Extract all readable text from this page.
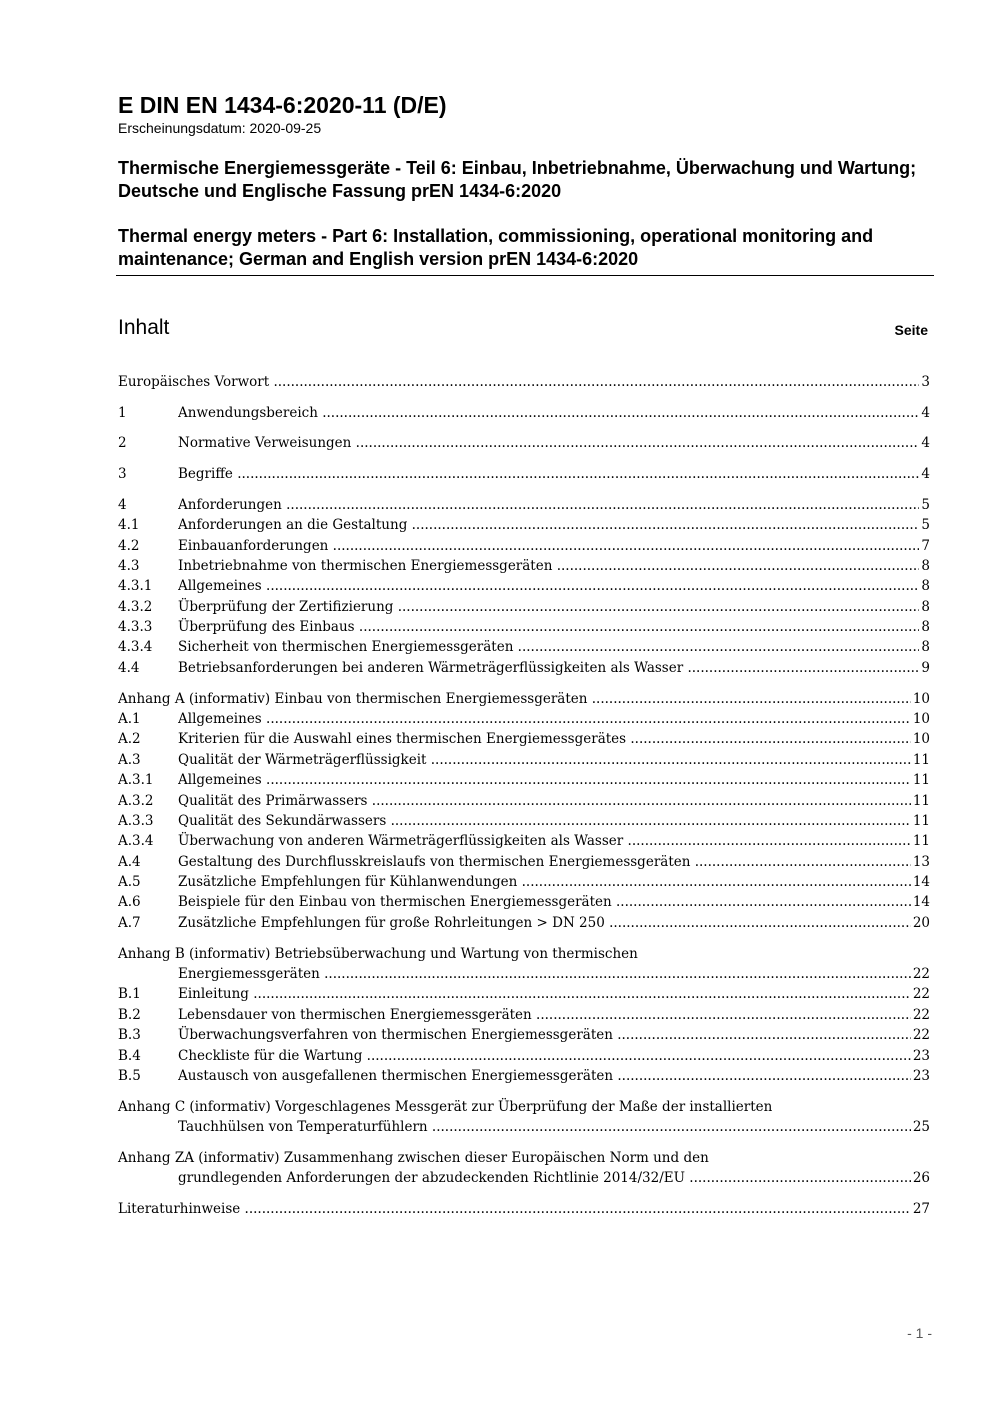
E DIN EN 1434-6:2020-11 (D/E)
Erscheinungsdatum: 2020-09-25
Thermische Energiemessgeräte - Teil 6: Einbau, Inbetriebnahme, Überwachung und Wartung; Deutsche und Englische Fassung prEN 1434-6:2020
Thermal energy meters - Part 6: Installation, commissioning, operational monitoring and maintenance; German and English version prEN 1434-6:2020
Inhalt	Seite
Europäisches Vorwort .....	3
1	Anwendungsbereich .....	4
2	Normative Verweisungen .....	4
3	Begriffe .....	4
4	Anforderungen .....	5
4.1	Anforderungen an die Gestaltung .....	5
4.2	Einbauanforderungen .....	7
4.3	Inbetriebnahme von thermischen Energiemessgeräten .....	8
4.3.1 Allgemeines .....	8
4.3.2 Überprüfung der Zertifizierung .....	8
4.3.3 Überprüfung des Einbaus .....	8
4.3.4 Sicherheit von thermischen Energiemessgeräten .....	8
4.4	Betriebsanforderungen bei anderen Wärmeträgerflüssigkeiten als Wasser .....	9
Anhang A (informativ) Einbau von thermischen Energiemessgeräten .....	10
A.1	Allgemeines .....	10
A.2	Kriterien für die Auswahl eines thermischen Energiemessgerätes .....	10
A.3	Qualität der Wärmeträgerflüssigkeit .....	11
A.3.1 Allgemeines .....	11
A.3.2 Qualität des Primärwassers .....	11
A.3.3 Qualität des Sekundärwassers .....	11
A.3.4 Überwachung von anderen Wärmeträgerflüssigkeiten als Wasser .....	11
A.4	Gestaltung des Durchflusskreislaufs von thermischen Energiemessgeräten .....	13
A.5	Zusätzliche Empfehlungen für Kühlanwendungen .....	14
A.6	Beispiele für den Einbau von thermischen Energiemessgeräten .....	14
A.7	Zusätzliche Empfehlungen für große Rohrleitungen > DN 250 .....	20
Anhang B (informativ) Betriebsüberwachung und Wartung von thermischen
Energiemessgeräten .....	22
B.1	Einleitung .....	22
B.2	Lebensdauer von thermischen Energiemessgeräten .....	22
B.3	Überwachungsverfahren von thermischen Energiemessgeräten .....	22
B.4	Checkliste für die Wartung .....	23
B.5	Austausch von ausgefallenen thermischen Energiemessgeräten .....	23
Anhang C (informativ) Vorgeschlagenes Messgerät zur Überprüfung der Maße der installierten
Tauchhülsen von Temperaturfühlern .....	25
Anhang ZA (informativ) Zusammenhang zwischen dieser Europäischen Norm und den
grundlegenden Anforderungen der abzudeckenden Richtlinie 2014/32/EU .....	26
Literaturhinweise .....	27
- 1 -
